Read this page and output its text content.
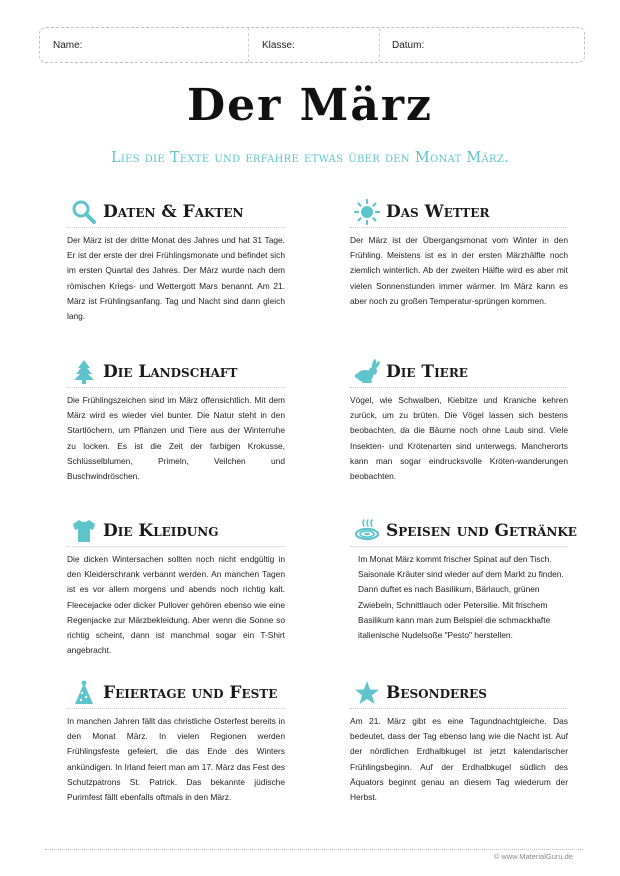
Name:	Klasse:	Datum:
Der März
Lies die Texte und erfahre etwas über den Monat März.
Daten & Fakten
Der März ist der dritte Monat des Jahres und hat 31 Tage. Er ist der erste der drei Frühlingsmonate und befindet sich im ersten Quartal des Jahres. Der März wurde nach dem römischen Kriegs- und Wettergott Mars benannt. Am 21. März ist Frühlingsanfang. Tag und Nacht sind dann gleich lang.
Das Wetter
Der März ist der Übergangsmonat vom Winter in den Frühling. Meistens ist es in der ersten Märzhälfte noch ziemlich winterlich. Ab der zweiten Hälfte wird es aber mit vielen Sonnenstunden immer wärmer. Im März kann es aber noch zu großen Temperatur-sprüngen kommen.
Die Landschaft
Die Frühlingszeichen sind im März offensichtlich. Mit dem März wird es wieder viel bunter. Die Natur steht in den Startlöchern, um Pflanzen und Tiere aus der Winterruhe zu locken. Es ist die Zeit der farbigen Krokusse, Schlüsselblumen, Primeln, Veilchen und Buschwindröschen.
Die Tiere
Vögel, wie Schwalben, Kiebitze und Kraniche kehren zurück, um zu brüten. Die Vögel lassen sich bestens beobachten, da die Bäume noch ohne Laub sind. Viele Insekten- und Krötenarten sind unterwegs. Mancherorts kann man sogar eindrucksvolle Kröten-wanderungen beobachten.
Die Kleidung
Die dicken Wintersachen sollten noch nicht endgültig in den Kleiderschrank verbannt werden. An manchen Tagen ist es vor allem morgens und abends noch richtig kalt. Fleecejacke oder dicker Pullover gehören ebenso wie eine Regenjacke zur Märzbekleidung. Aber wenn die Sonne so richtig scheint, dann ist manchmal sogar ein T-Shirt angebracht.
Speisen und Getränke
Im Monat März kommt frischer Spinat auf den Tisch. Saisonale Kräuter sind wieder auf dem Markt zu finden. Dann duftet es nach Basilikum, Bärlauch, grünen Zwiebeln, Schnittlauch oder Petersilie. Mit frischem Basilikum kann man zum Beispiel die schmackhafte italienische Nudelsoße "Pesto" herstellen.
Feiertage und Feste
In manchen Jahren fällt das christliche Osterfest bereits in den Monat März. In vielen Regionen werden Frühlingsfeste gefeiert, die das Ende des Winters ankündigen. In Irland feiert man am 17. März das Fest des Schutzpatrons St. Patrick. Das bekannte jüdische Purimfest fällt ebenfalls oftmals in den März.
Besonderes
Am 21. März gibt es eine Tagundnachtgleiche. Das bedeutet, dass der Tag ebenso lang wie die Nacht ist. Auf der nördlichen Erdhalbkugel ist jetzt kalendarischer Frühlingsbeginn. Auf der Erdhalbkugel südlich des Äquators beginnt genau an diesem Tag wiederum der Herbst.
© www.MaterialGuru.de
